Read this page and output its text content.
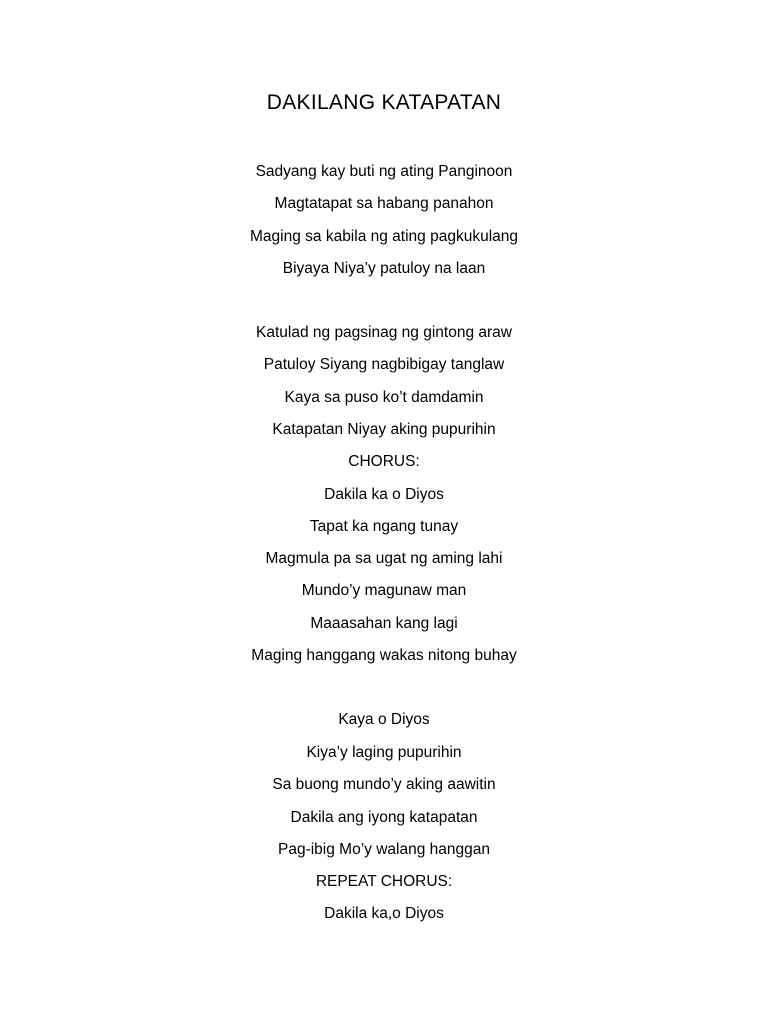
DAKILANG KATAPATAN
Sadyang kay buti ng ating Panginoon
Magtatapat sa habang panahon
Maging sa kabila ng ating pagkukulang
Biyaya Niya’y patuloy na laan
Katulad ng pagsinag ng gintong araw
Patuloy Siyang nagbibigay tanglaw
Kaya sa puso ko’t damdamin
Katapatan Niyay aking pupurihin
CHORUS:
Dakila ka o Diyos
Tapat ka ngang tunay
Magmula pa sa ugat ng aming lahi
Mundo’y magunaw man
Maaasahan kang lagi
Maging hanggang wakas nitong buhay
Kaya o Diyos
Kiya’y laging pupurihin
Sa buong mundo’y aking aawitin
Dakila ang iyong katapatan
Pag-ibig Mo’y walang hanggan
REPEAT CHORUS:
Dakila ka,o Diyos
